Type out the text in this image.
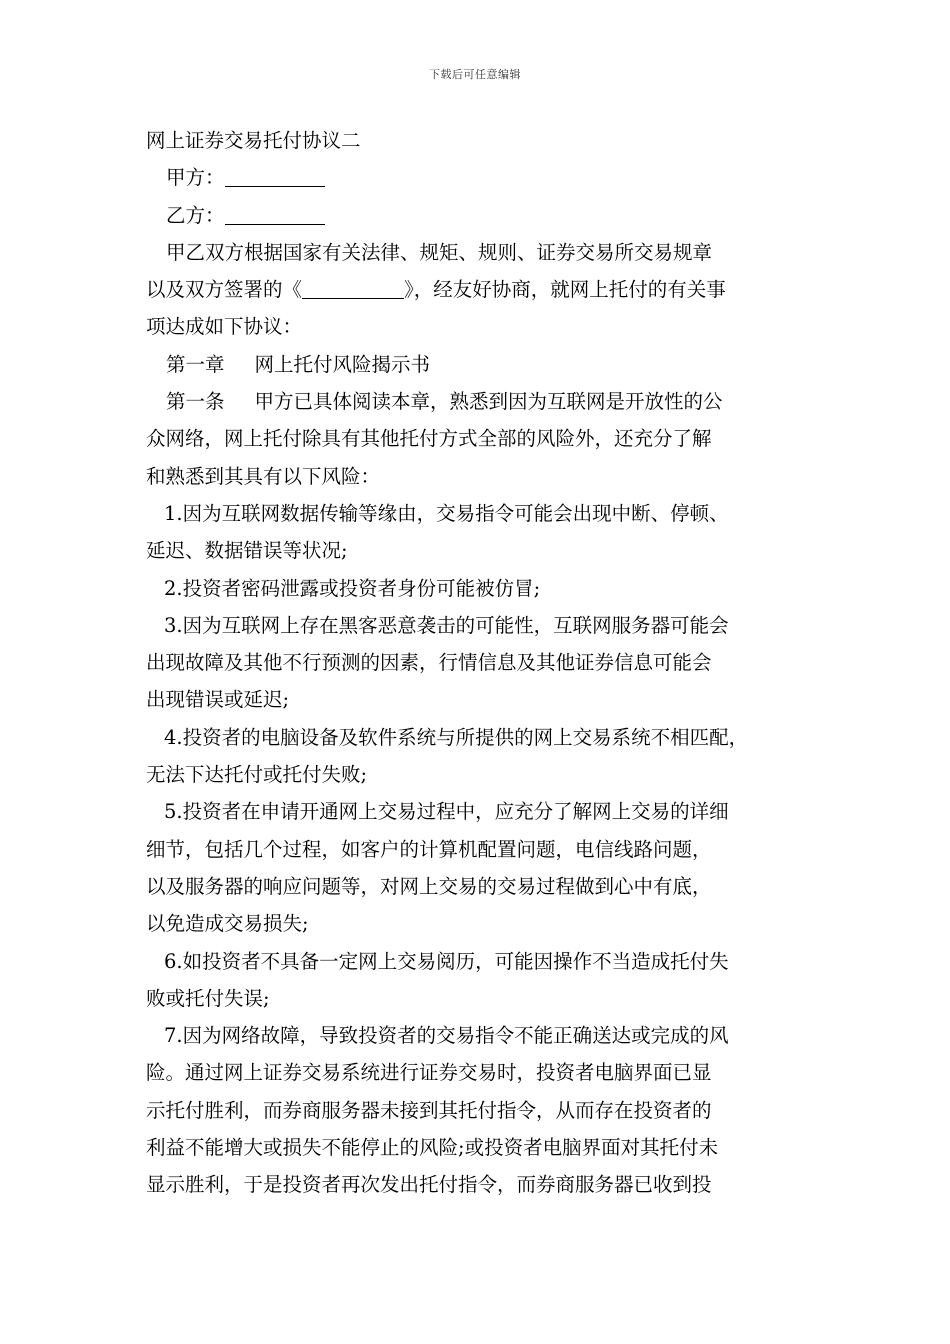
下载后可任意编辑
网上证券交易托付协议二
甲方：
乙方：
甲乙双方根据国家有关法律、规矩、规则、证券交易所交易规章
以及双方签署的《	》，经友好协商，就网上托付的有关事
项达成如下协议：
第一章 网上托付风险揭示书
第一条 甲方已具体阅读本章，熟悉到因为互联网是开放性的公
众网络，网上托付除具有其他托付方式全部的风险外，还充分了解
和熟悉到其具有以下风险：
1.因为互联网数据传输等缘由，交易指令可能会出现中断、停顿、
延迟、数据错误等状况;
2.投资者密码泄露或投资者身份可能被仿冒;
3.因为互联网上存在黑客恶意袭击的可能性，互联网服务器可能会
出现故障及其他不行预测的因素，行情信息及其他证券信息可能会
出现错误或延迟;
4.投资者的电脑设备及软件系统与所提供的网上交易系统不相匹配，
无法下达托付或托付失败;
5.投资者在申请开通网上交易过程中，应充分了解网上交易的详细
细节，包括几个过程，如客户的计算机配置问题，电信线路问题，
以及服务器的响应问题等，对网上交易的交易过程做到心中有底，
以免造成交易损失;
6.如投资者不具备一定网上交易阅历，可能因操作不当造成托付失
败或托付失误;
7.因为网络故障，导致投资者的交易指令不能正确送达或完成的风
险。通过网上证券交易系统进行证券交易时，投资者电脑界面已显
示托付胜利，而券商服务器未接到其托付指令，从而存在投资者的
利益不能增大或损失不能停止的风险;或投资者电脑界面对其托付未
显示胜利，于是投资者再次发出托付指令，而券商服务器已收到投
